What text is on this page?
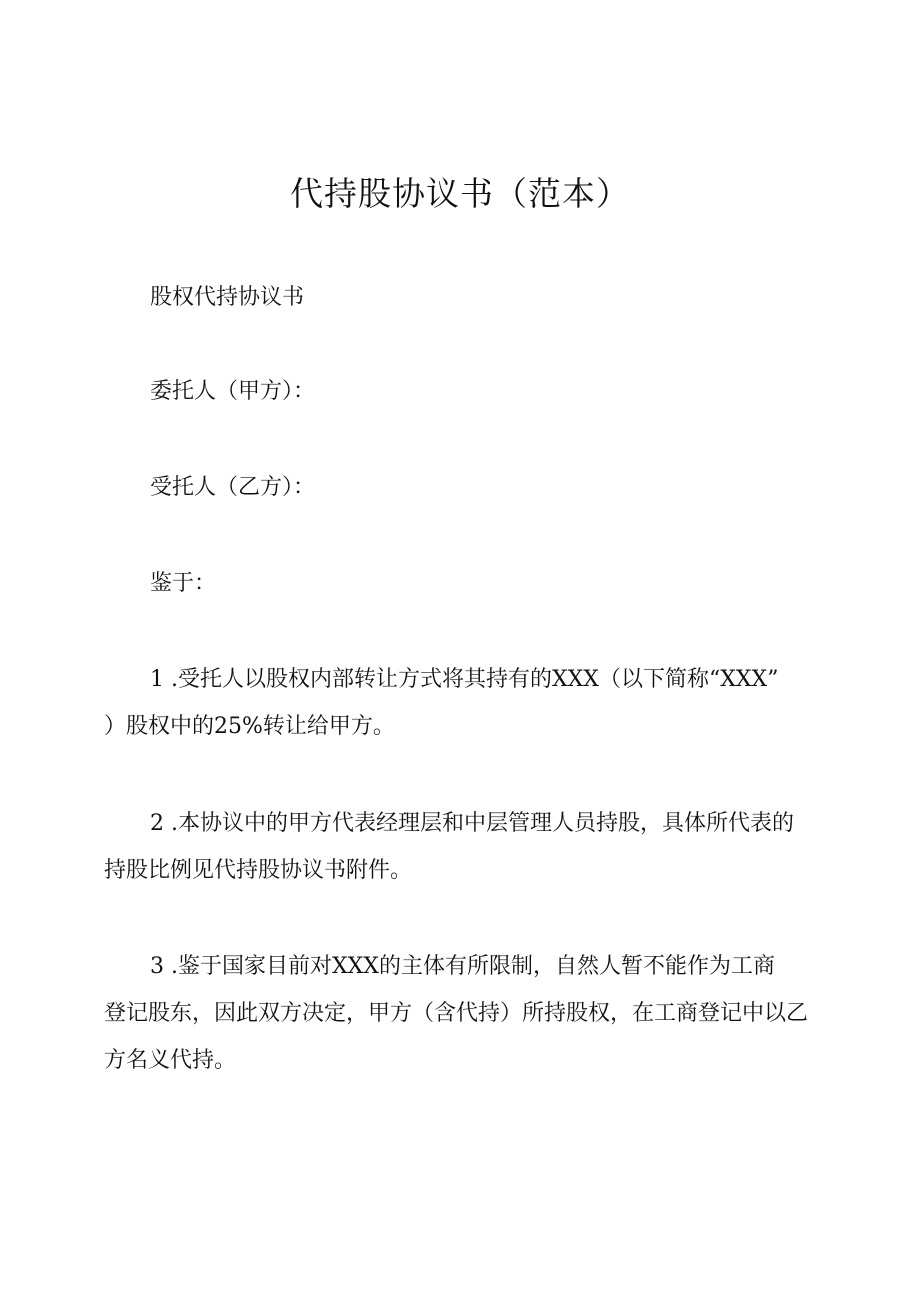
代持股协议书（范本）
股权代持协议书
委托人（甲方）：
受托人（乙方）：
鉴于：
1 .受托人以股权内部转让方式将其持有的XXX（以下简称“XXX”
）股权中的25%转让给甲方。
2 .本协议中的甲方代表经理层和中层管理人员持股，具体所代表的
持股比例见代持股协议书附件。
3 .鉴于国家目前对XXX的主体有所限制，自然人暂不能作为工商
登记股东，因此双方决定，甲方（含代持）所持股权，在工商登记中以乙
方名义代持。
